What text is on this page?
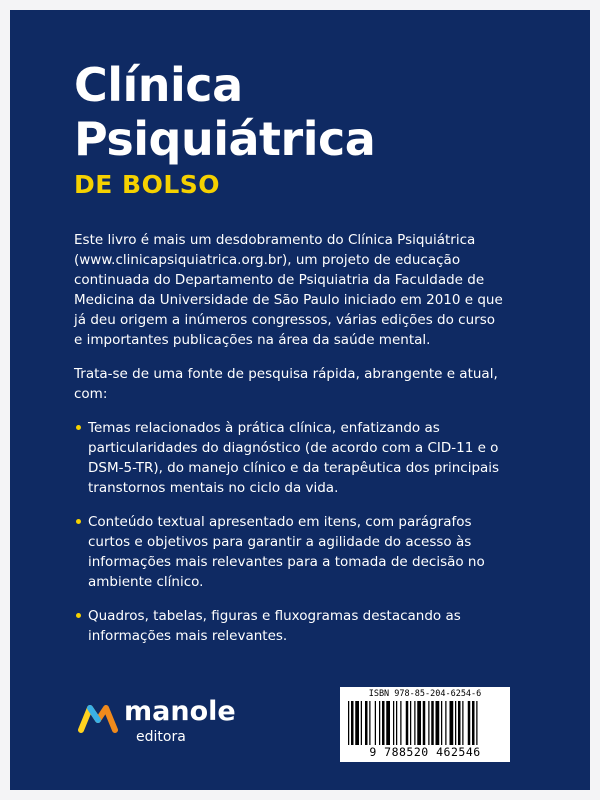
Clínica
Psiquiátrica
DE BOLSO

Este livro é mais um desdobramento do Clínica Psiquiátrica (www.clinicapsiquiatrica.org.br), um projeto de educação continuada do Departamento de Psiquiatria da Faculdade de Medicina da Universidade de São Paulo iniciado em 2010 e que já deu origem a inúmeros congressos, várias edições do curso e importantes publicações na área da saúde mental.

Trata-se de uma fonte de pesquisa rápida, abrangente e atual, com:

Temas relacionados à prática clínica, enfatizando as particularidades do diagnóstico (de acordo com a CID-11 e o DSM-5-TR), do manejo clínico e da terapêutica dos principais transtornos mentais no ciclo da vida.
Conteúdo textual apresentado em itens, com parágrafos curtos e objetivos para garantir a agilidade do acesso às informações mais relevantes para a tomada de decisão no ambiente clínico.
Quadros, tabelas, figuras e fluxogramas destacando as informações mais relevantes.
manole
editora
ISBN 978-85-204-6254-6
9 788520 462546
